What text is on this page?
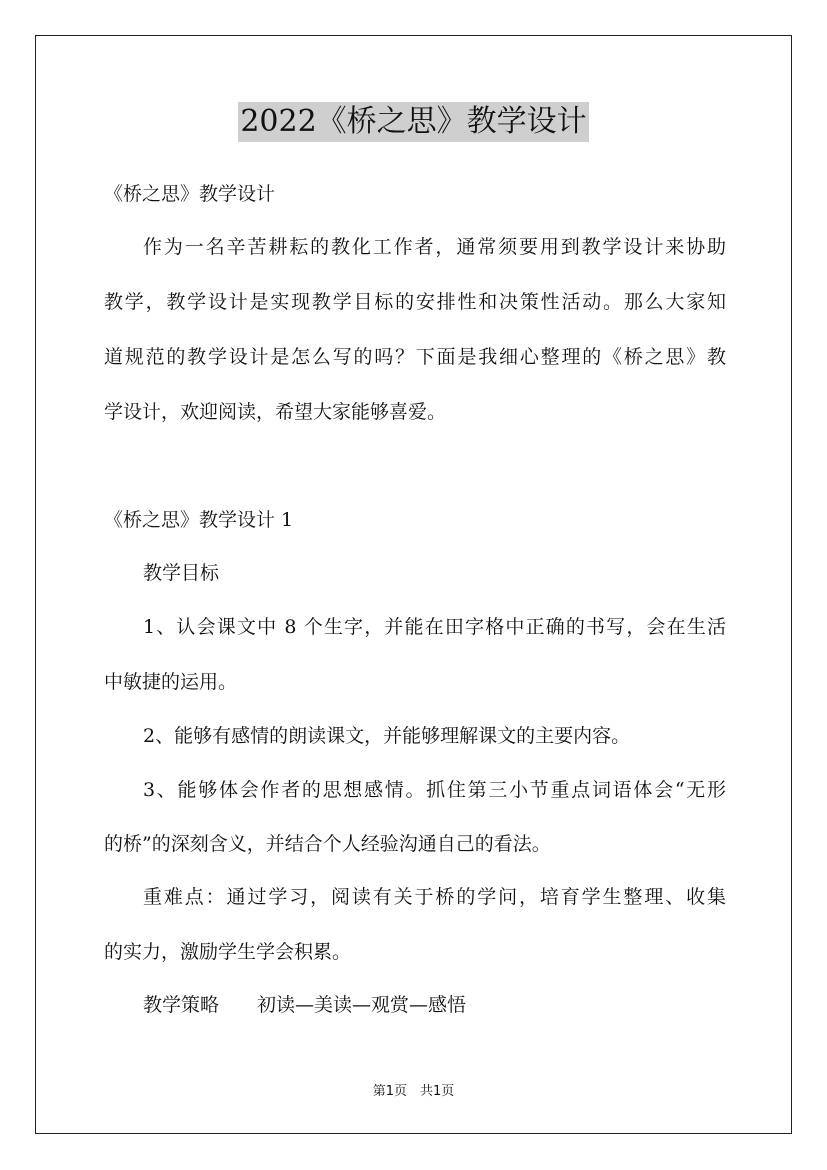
2022《桥之思》教学设计
《桥之思》教学设计
作为一名辛苦耕耘的教化工作者，通常须要用到教学设计来协助
教学，教学设计是实现教学目标的安排性和决策性活动。那么大家知
道规范的教学设计是怎么写的吗？下面是我细心整理的《桥之思》教
学设计，欢迎阅读，希望大家能够喜爱。
《桥之思》教学设计 1
教学目标
1、认会课文中 8 个生字，并能在田字格中正确的书写，会在生活
中敏捷的运用。
2、能够有感情的朗读课文，并能够理解课文的主要内容。
3、能够体会作者的思想感情。抓住第三小节重点词语体会“无形
的桥”的深刻含义，并结合个人经验沟通自己的看法。
重难点：通过学习，阅读有关于桥的学问，培育学生整理、收集
的实力，激励学生学会积累。
教学策略　　初读—美读—观赏—感悟
第1页　共1页
